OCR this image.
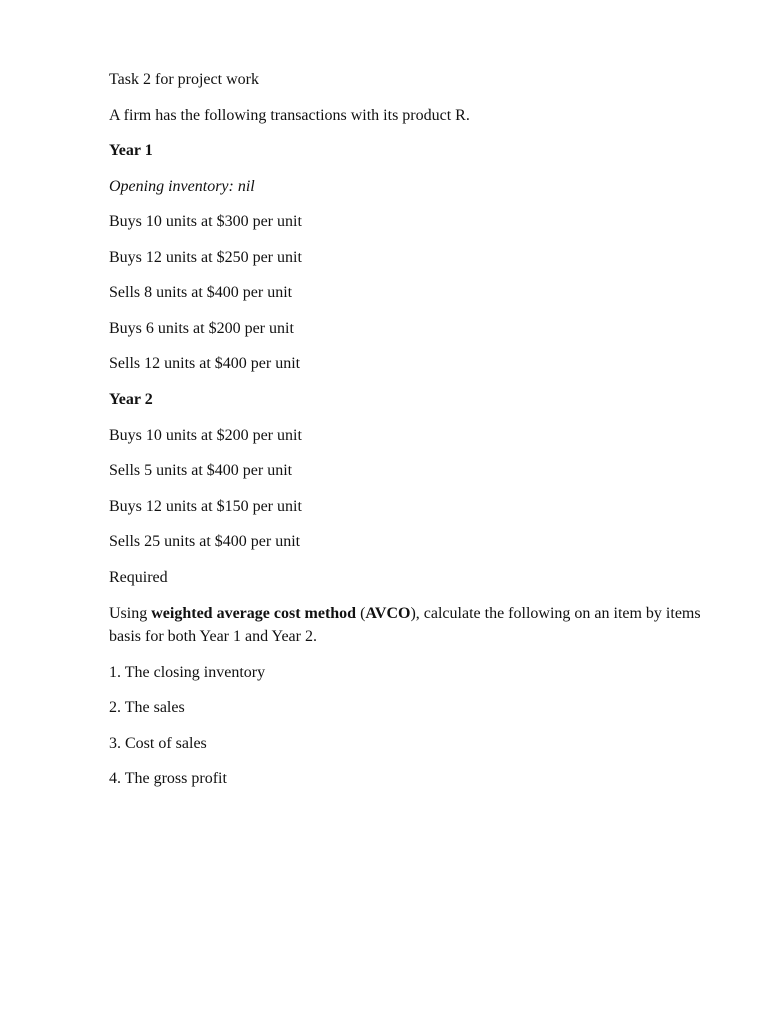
Task 2 for project work
A firm has the following transactions with its product R.
Year 1
Opening inventory: nil
Buys 10 units at $300 per unit
Buys 12 units at $250 per unit
Sells 8 units at $400 per unit
Buys 6 units at $200 per unit
Sells 12 units at $400 per unit
Year 2
Buys 10 units at $200 per unit
Sells 5 units at $400 per unit
Buys 12 units at $150 per unit
Sells 25 units at $400 per unit
Required
Using weighted average cost method (AVCO), calculate the following on an item by items basis for both Year 1 and Year 2.
1. The closing inventory
2. The sales
3. Cost of sales
4. The gross profit
